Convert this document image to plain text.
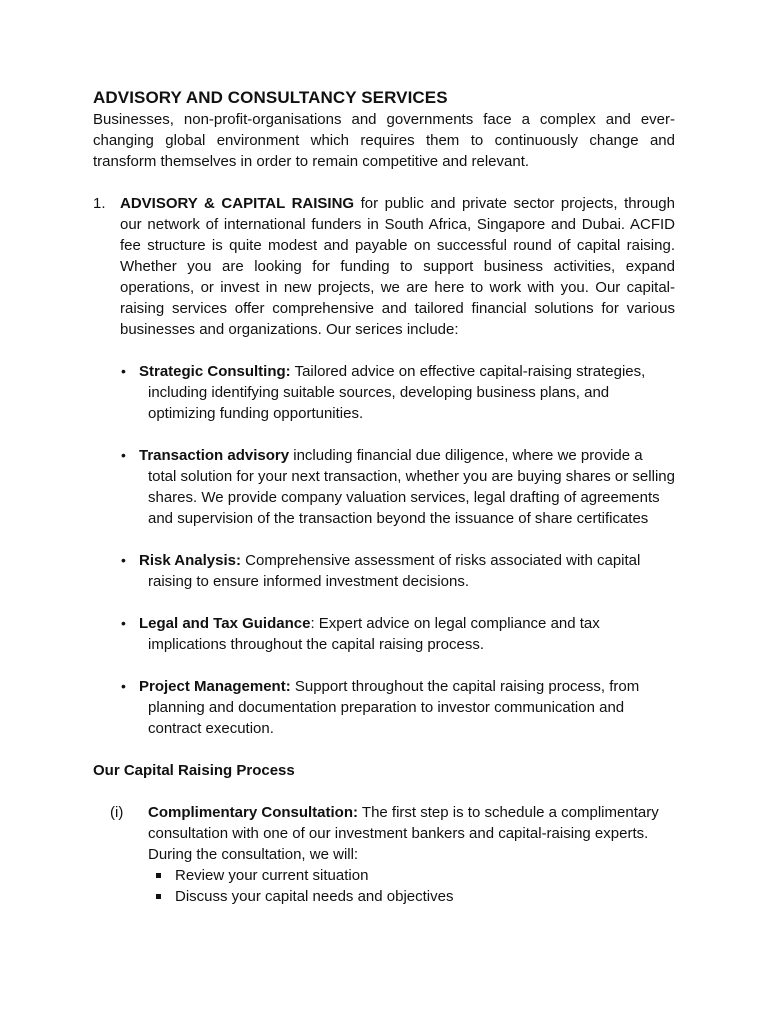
ADVISORY AND CONSULTANCY SERVICES

Businesses, non-profit-organisations and governments face a complex and ever-changing global environment which requires them to continuously change and transform themselves in order to remain competitive and relevant.

1. ADVISORY & CAPITAL RAISING for public and private sector projects, through our network of international funders in South Africa, Singapore and Dubai. ACFID fee structure is quite modest and payable on successful round of capital raising. Whether you are looking for funding to support business activities, expand operations, or invest in new projects, we are here to work with you. Our capital-raising services offer comprehensive and tailored financial solutions for various businesses and organizations. Our serices include:

• Strategic Consulting: Tailored advice on effective capital-raising strategies, including identifying suitable sources, developing business plans, and optimizing funding opportunities.
• Transaction advisory including financial due diligence, where we provide a total solution for your next transaction, whether you are buying shares or selling shares. We provide company valuation services, legal drafting of agreements and supervision of the transaction beyond the issuance of share certificates
• Risk Analysis: Comprehensive assessment of risks associated with capital raising to ensure informed investment decisions.
• Legal and Tax Guidance: Expert advice on legal compliance and tax implications throughout the capital raising process.
• Project Management: Support throughout the capital raising process, from planning and documentation preparation to investor communication and contract execution.
Our Capital Raising Process
(i) Complimentary Consultation: The first step is to schedule a complimentary consultation with one of our investment bankers and capital-raising experts. During the consultation, we will:
Review your current situation
Discuss your capital needs and objectives
